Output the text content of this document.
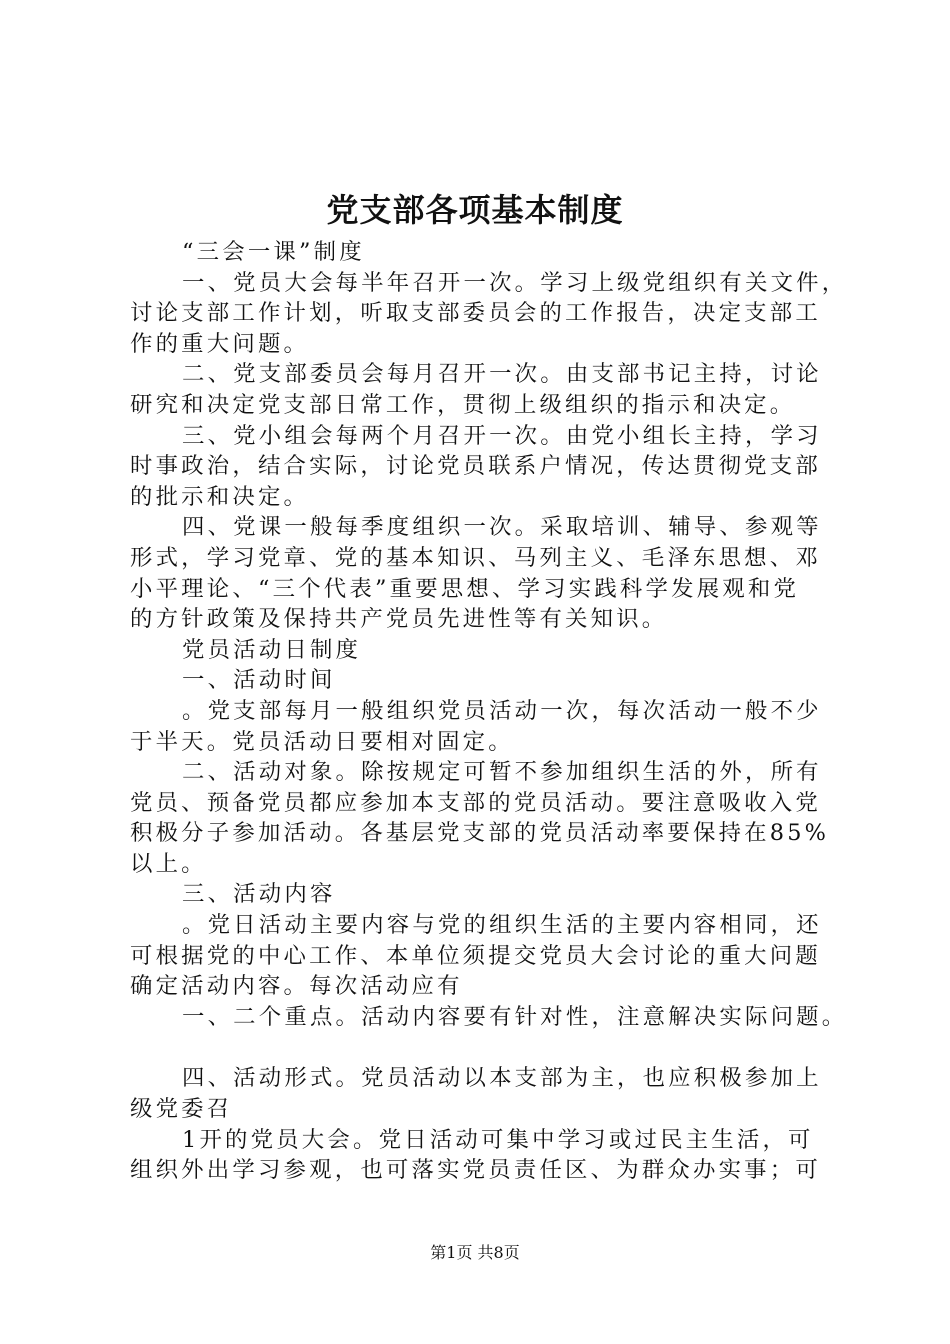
党支部各项基本制度
“三会一课”制度
一、党员大会每半年召开一次。学习上级党组织有关文件，
讨论支部工作计划，听取支部委员会的工作报告，决定支部工
作的重大问题。
二、党支部委员会每月召开一次。由支部书记主持，讨论
研究和决定党支部日常工作，贯彻上级组织的指示和决定。
三、党小组会每两个月召开一次。由党小组长主持，学习
时事政治，结合实际，讨论党员联系户情况，传达贯彻党支部
的批示和决定。
四、党课一般每季度组织一次。采取培训、辅导、参观等
形式，学习党章、党的基本知识、马列主义、毛泽东思想、邓
小平理论、“三个代表”重要思想、学习实践科学发展观和党
的方针政策及保持共产党员先进性等有关知识。
党员活动日制度
一、活动时间
。党支部每月一般组织党员活动一次，每次活动一般不少
于半天。党员活动日要相对固定。
二、活动对象。除按规定可暂不参加组织生活的外，所有
党员、预备党员都应参加本支部的党员活动。要注意吸收入党
积极分子参加活动。各基层党支部的党员活动率要保持在85%
以上。
三、活动内容
。党日活动主要内容与党的组织生活的主要内容相同，还
可根据党的中心工作、本单位须提交党员大会讨论的重大问题
确定活动内容。每次活动应有
一、二个重点。活动内容要有针对性，注意解决实际问题。
四、活动形式。党员活动以本支部为主，也应积极参加上
级党委召
1开的党员大会。党日活动可集中学习或过民主生活，可
组织外出学习参观，也可落实党员责任区、为群众办实事；可
第1页 共8页
